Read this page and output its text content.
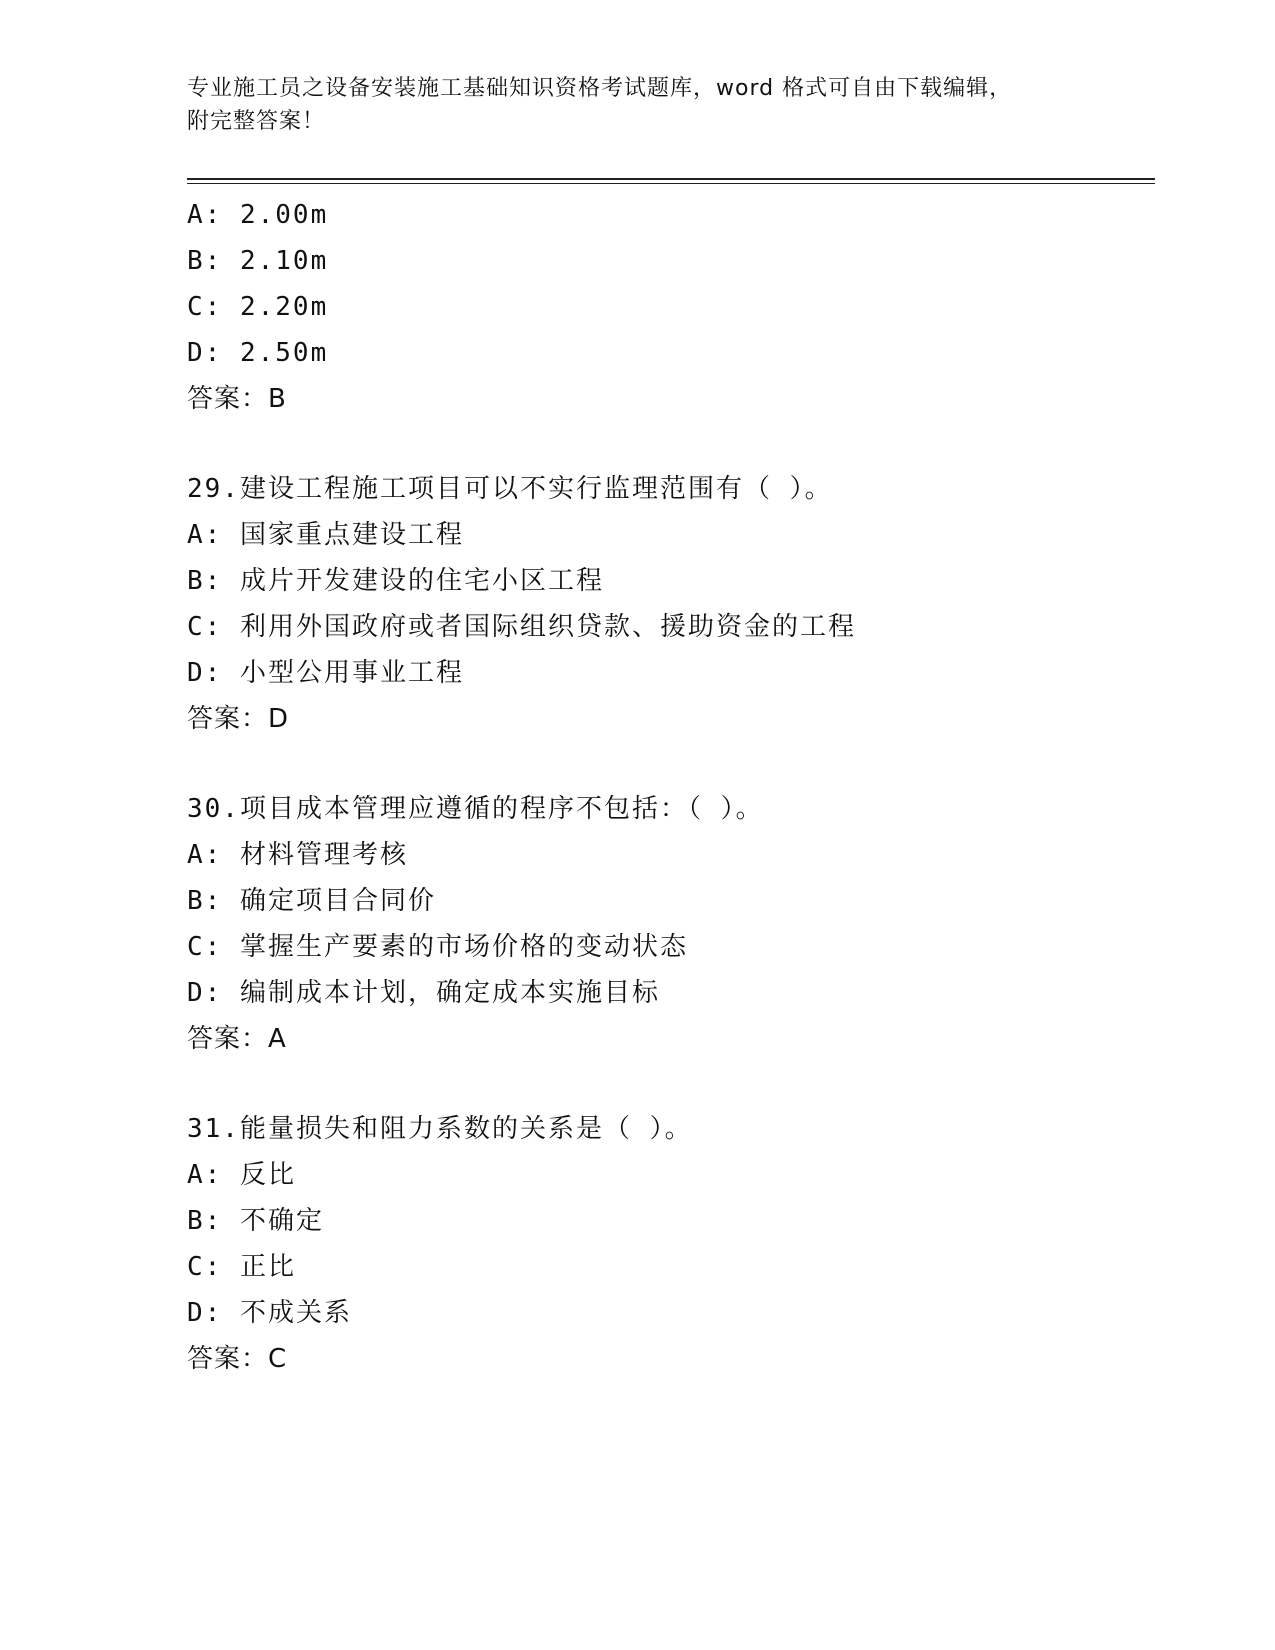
专业施工员之设备安装施工基础知识资格考试题库，word 格式可自由下载编辑，
附完整答案！
A: 2.00m
B: 2.10m
C: 2.20m
D: 2.50m
答案：B
29.建设工程施工项目可以不实行监理范围有（ ）。
A: 国家重点建设工程
B: 成片开发建设的住宅小区工程
C: 利用外国政府或者国际组织贷款、援助资金的工程
D: 小型公用事业工程
答案：D
30.项目成本管理应遵循的程序不包括：（ ）。
A: 材料管理考核
B: 确定项目合同价
C: 掌握生产要素的市场价格的变动状态
D: 编制成本计划，确定成本实施目标
答案：A
31.能量损失和阻力系数的关系是（ ）。
A: 反比
B: 不确定
C: 正比
D: 不成关系
答案：C
